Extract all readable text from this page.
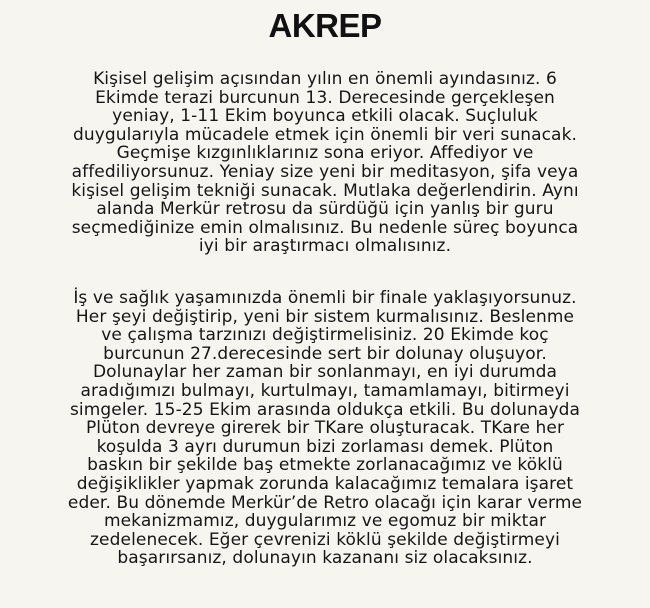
AKREP
Kişisel gelişim açısından yılın en önemli ayındasınız. 6
Ekimde terazi burcunun 13. Derecesinde gerçekleşen
yeniay, 1-11 Ekim boyunca etkili olacak. Suçluluk
duygularıyla mücadele etmek için önemli bir veri sunacak.
Geçmişe kızgınlıklarınız sona eriyor. Affediyor ve
affediliyorsunuz. Yeniay size yeni bir meditasyon, şifa veya
kişisel gelişim tekniği sunacak. Mutlaka değerlendirin. Aynı
alanda Merkür retrosu da sürdüğü için yanlış bir guru
seçmediğinize emin olmalısınız. Bu nedenle süreç boyunca
iyi bir araştırmacı olmalısınız.
İş ve sağlık yaşamınızda önemli bir finale yaklaşıyorsunuz.
Her şeyi değiştirip, yeni bir sistem kurmalısınız. Beslenme
ve çalışma tarzınızı değiştirmelisiniz. 20 Ekimde koç
burcunun 27.derecesinde sert bir dolunay oluşuyor.
Dolunaylar her zaman bir sonlanmayı, en iyi durumda
aradığımızı bulmayı, kurtulmayı, tamamlamayı, bitirmeyi
simgeler. 15-25 Ekim arasında oldukça etkili. Bu dolunayda
Plüton devreye girerek bir TKare oluşturacak. TKare her
koşulda 3 ayrı durumun bizi zorlaması demek. Plüton
baskın bir şekilde baş etmekte zorlanacağımız ve köklü
değişiklikler yapmak zorunda kalacağımız temalara işaret
eder. Bu dönemde Merkür’de Retro olacağı için karar verme
mekanizmamız, duygularımız ve egomuz bir miktar
zedelenecek. Eğer çevrenizi köklü şekilde değiştirmeyi
başarırsanız, dolunayın kazananı siz olacaksınız.
